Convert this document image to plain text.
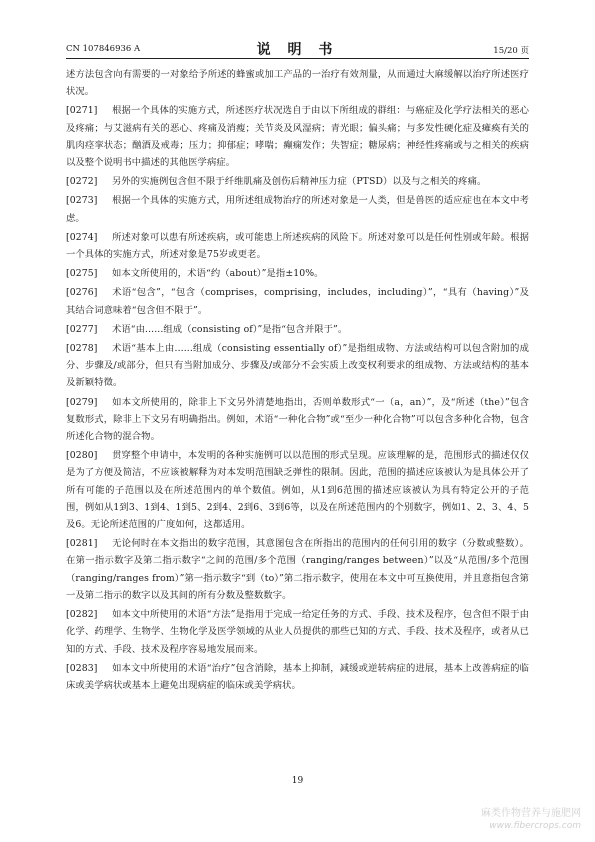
CN 107846936 A	说 明 书	15/20 页

述方法包含向有需要的一对象给予所述的蜂蜜或加工产品的一治疗有效剂量，从而通过大麻缓解以治疗所述医疗状况。

[0271] 根据一个具体的实施方式，所述医疗状况选自于由以下所组成的群组：与癌症及化学疗法相关的恶心及疼痛；与艾滋病有关的恶心、疼痛及消瘦；关节炎及风湿病；青光眼；偏头痛；与多发性硬化症及瘫痪有关的肌肉痉挛状态；酗酒及戒毒；压力；抑郁症；哮喘；癫痫发作；失智症；糖尿病；神经性疼痛或与之相关的疾病以及整个说明书中描述的其他医学病症。

[0272] 另外的实施例包含但不限于纤维肌痛及创伤后精神压力症（PTSD）以及与之相关的疼痛。

[0273] 根据一个具体的实施方式，用所述组成物治疗的所述对象是一人类，但是兽医的适应症也在本文中考虑。

[0274] 所述对象可以患有所述疾病，或可能患上所述疾病的风险下。所述对象可以是任何性别或年龄。根据一个具体的实施方式，所述对象是75岁或更老。

[0275] 如本文所使用的，术语“约（about）”是指±10%。

[0276] 术语“包含”，“包含（comprises，comprising，includes，including）”，“具有（having）”及其结合词意味着“包含但不限于”。

[0277] 术语“由......组成（consisting of）”是指“包含并限于”。

[0278] 术语“基本上由......组成（consisting essentially of）”是指组成物、方法或结构可以包含附加的成分、步骤及/或部分，但只有当附加成分、步骤及/或部分不会实质上改变权利要求的组成物、方法或结构的基本及新颖特徵。

[0279] 如本文所使用的，除非上下文另外清楚地指出，否则单数形式“一（a，an）”，及“所述（the）”包含复数形式，除非上下文另有明确指出。例如，术语“一种化合物”或“至少一种化合物”可以包含多种化合物，包含所述化合物的混合物。

[0280] 贯穿整个申请中，本发明的各种实施例可以以范围的形式呈现。应该理解的是，范围形式的描述仅仅是为了方便及简洁，不应该被解释为对本发明范围缺乏弹性的限制。因此，范围的描述应该被认为是具体公开了所有可能的子范围以及在所述范围内的单个数值。例如，从1到6范围的描述应该被认为具有特定公开的子范围，例如从1到3、1到4、1到5、2到4、2到6、3到6等，以及在所述范围内的个别数字，例如1、2、3、4、5及6。无论所述范围的广度如何，这都适用。

[0281] 无论何时在本文指出的数字范围，其意图包含在所指出的范围内的任何引用的数字（分数或整数）。在第一指示数字及第二指示数字“之间的范围/多个范围（ranging/ranges between）”以及“从范围/多个范围（ranging/ranges from）”第一指示数字“到（to）”第二指示数字，使用在本文中可互换使用，并且意指包含第一及第二指示的数字以及其间的所有分数及整数数字。

[0282] 如本文中所使用的术语“方法”是指用于完成一给定任务的方式、手段、技术及程序，包含但不限于由化学、药理学、生物学、生物化学及医学领域的从业人员提供的那些已知的方式、手段、技术及程序，或者从已知的方式、手段、技术及程序容易地发展而来。

[0283] 如本文中所使用的术语“治疗”包含消除，基本上抑制，减缓或逆转病症的进展，基本上改善病症的临床或美学病状或基本上避免出现病症的临床或美学病状。

19
麻类作物营养与施肥网
www.fibercrops.com
